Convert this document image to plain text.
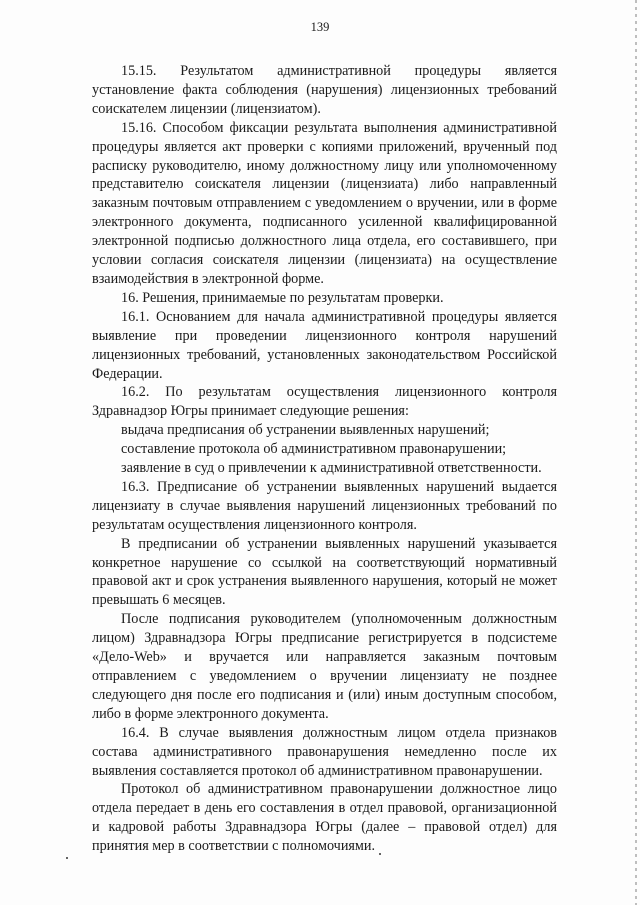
139

15.15. Результатом административной процедуры является установление факта соблюдения (нарушения) лицензионных требований соискателем лицензии (лицензиатом).

15.16. Способом фиксации результата выполнения административной процедуры является акт проверки с копиями приложений, врученный под расписку руководителю, иному должностному лицу или уполномоченному представителю соискателя лицензии (лицензиата) либо направленный заказным почтовым отправлением с уведомлением о вручении, или в форме электронного документа, подписанного усиленной квалифицированной электронной подписью должностного лица отдела, его составившего, при условии согласия соискателя лицензии (лицензиата) на осуществление взаимодействия в электронной форме.

16. Решения, принимаемые по результатам проверки.

16.1. Основанием для начала административной процедуры является выявление при проведении лицензионного контроля нарушений лицензионных требований, установленных законодательством Российской Федерации.

16.2. По результатам осуществления лицензионного контроля Здравнадзор Югры принимает следующие решения:

выдача предписания об устранении выявленных нарушений;

составление протокола об административном правонарушении;

заявление в суд о привлечении к административной ответственности.

16.3. Предписание об устранении выявленных нарушений выдается лицензиату в случае выявления нарушений лицензионных требований по результатам осуществления лицензионного контроля.

В предписании об устранении выявленных нарушений указывается конкретное нарушение со ссылкой на соответствующий нормативный правовой акт и срок устранения выявленного нарушения, который не может превышать 6 месяцев.

После подписания руководителем (уполномоченным должностным лицом) Здравнадзора Югры предписание регистрируется в подсистеме «Дело-Web» и вручается или направляется заказным почтовым отправлением с уведомлением о вручении лицензиату не позднее следующего дня после его подписания и (или) иным доступным способом, либо в форме электронного документа.

16.4. В случае выявления должностным лицом отдела признаков состава административного правонарушения немедленно после их выявления составляется протокол об административном правонарушении.

Протокол об административном правонарушении должностное лицо отдела передает в день его составления в отдел правовой, организационной и кадровой работы Здравнадзора Югры (далее – правовой отдел) для принятия мер в соответствии с полномочиями.
